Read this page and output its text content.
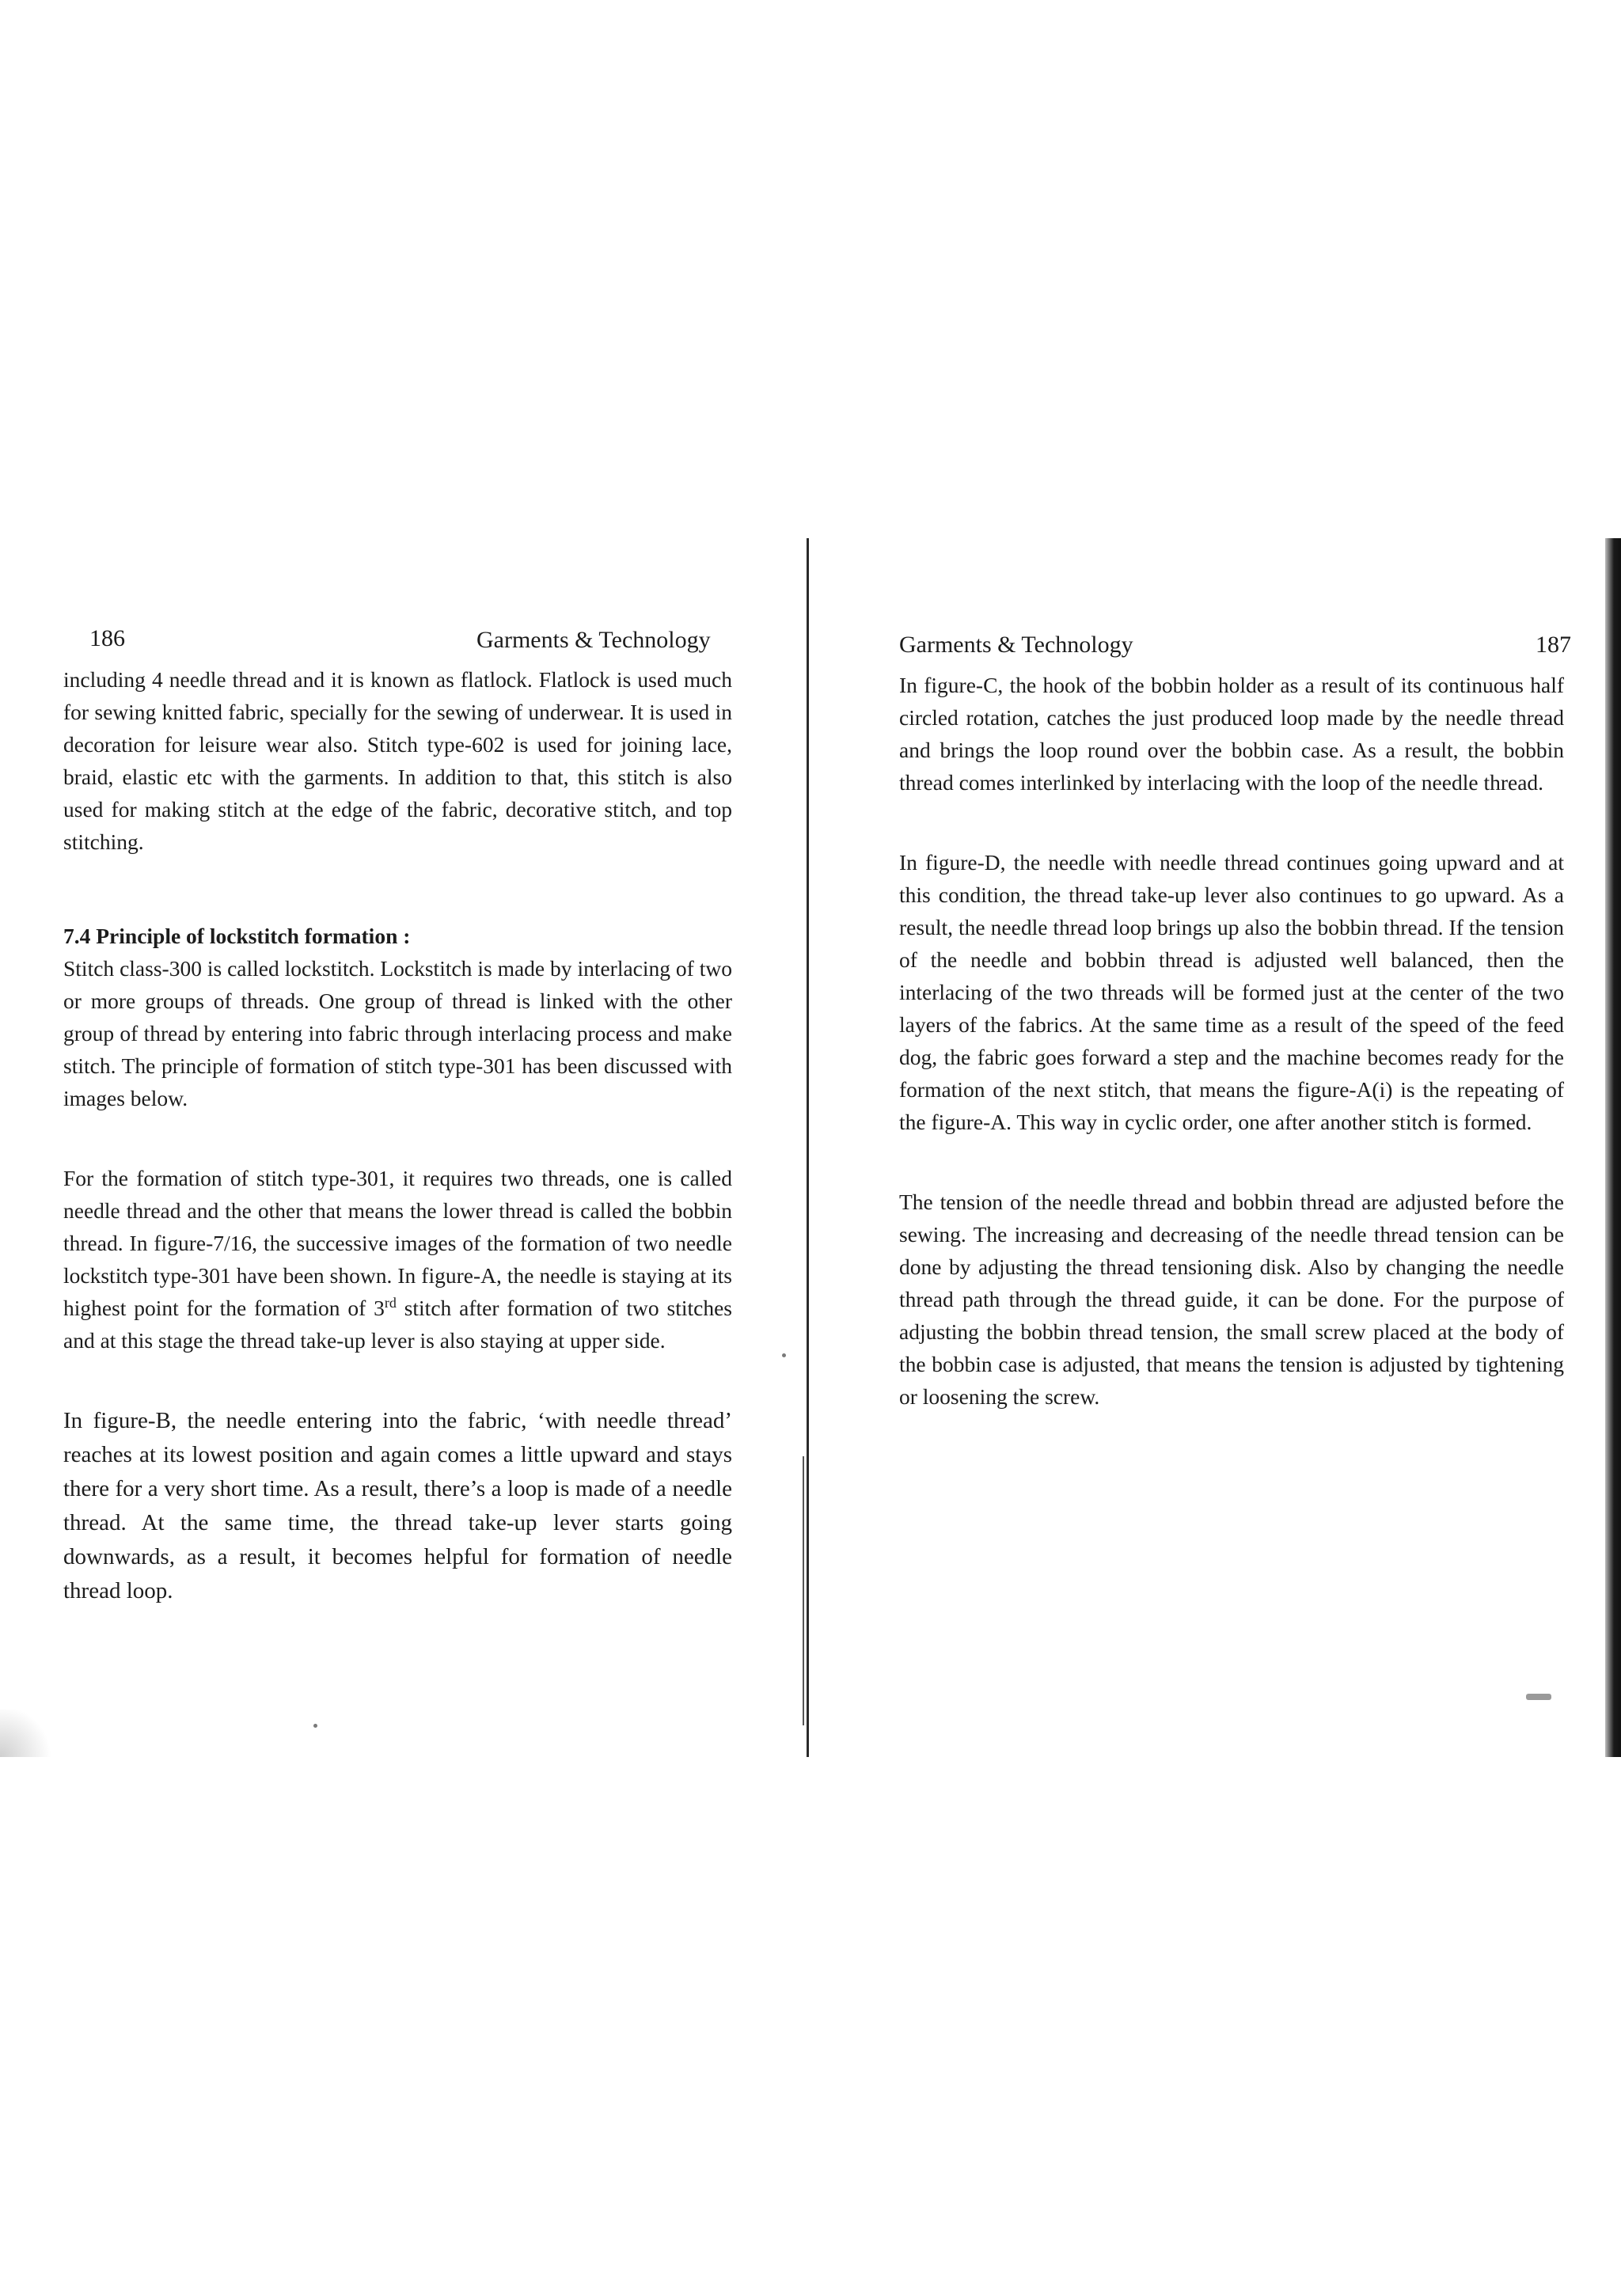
186	Garments & Technology

including 4 needle thread and it is known as flatlock. Flatlock is used much for sewing knitted fabric, specially for the sewing of underwear. It is used in decoration for leisure wear also. Stitch type-602 is used for joining lace, braid, elastic etc with the garments. In addition to that, this stitch is also used for making stitch at the edge of the fabric, decorative stitch, and top stitching.

7.4 Principle of lockstitch formation :

Stitch class-300 is called lockstitch. Lockstitch is made by interlacing of two or more groups of threads. One group of thread is linked with the other group of thread by entering into fabric through interlacing process and make stitch. The principle of formation of stitch type-301 has been discussed with images below.

For the formation of stitch type-301, it requires two threads, one is called needle thread and the other that means the lower thread is called the bobbin thread. In figure-7/16, the successive images of the formation of two needle lockstitch type-301 have been shown. In figure-A, the needle is staying at its highest point for the formation of 3rd stitch after formation of two stitches and at this stage the thread take-up lever is also staying at upper side.

In figure-B, the needle entering into the fabric, ‘with needle thread’ reaches at its lowest position and again comes a little upward and stays there for a very short time. As a result, there’s a loop is made of a needle thread. At the same time, the thread take-up lever starts going downwards, as a result, it becomes helpful for formation of needle thread loop.

Garments & Technology	187

In figure-C, the hook of the bobbin holder as a result of its continuous half circled rotation, catches the just produced loop made by the needle thread and brings the loop round over the bobbin case. As a result, the bobbin thread comes interlinked by interlacing with the loop of the needle thread.

In figure-D, the needle with needle thread continues going upward and at this condition, the thread take-up lever also continues to go upward. As a result, the needle thread loop brings up also the bobbin thread. If the tension of the needle and bobbin thread is adjusted well balanced, then the interlacing of the two threads will be formed just at the center of the two layers of the fabrics. At the same time as a result of the speed of the feed dog, the fabric goes forward a step and the machine becomes ready for the formation of the next stitch, that means the figure-A(i) is the repeating of the figure-A. This way in cyclic order, one after another stitch is formed.

The tension of the needle thread and bobbin thread are adjusted before the sewing. The increasing and decreasing of the needle thread tension can be done by adjusting the thread tensioning disk. Also by changing the needle thread path through the thread guide, it can be done. For the purpose of adjusting the bobbin thread tension, the small screw placed at the body of the bobbin case is adjusted, that means the tension is adjusted by tightening or loosening the screw.
